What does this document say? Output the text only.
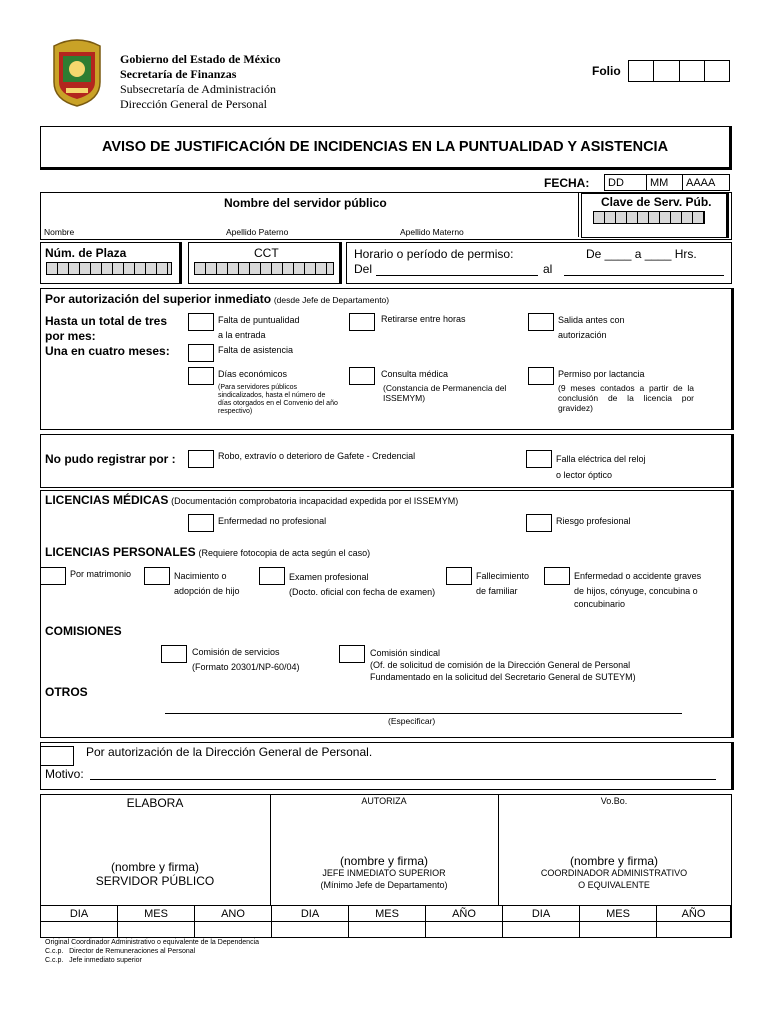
Gobierno del Estado de México
Secretaría de Finanzas
Subsecretaría de Administración
Dirección General de Personal
Folio
AVISO DE JUSTIFICACIÓN DE INCIDENCIAS EN LA PUNTUALIDAD Y ASISTENCIA
FECHA: DD	MM	AAAA
Nombre del servidor público
Nombre	Apellido Paterno	Apellido Materno
Clave de Serv. Púb.
Núm. de Plaza	CCT	Horario o período de permiso:	De ____ a ____ Hrs.
Del	al
Por autorización del superior inmediato (desde Jefe de Departamento)
Hasta un total de tres
por mes:
Una en cuatro meses:
Falta de puntualidad
a la entrada
Falta de asistencia
Días económicos
(Para servidores públicos sindicalizados, hasta el número de días otorgados en el Convenio del año respectivo)
Retirarse entre horas
Consulta médica
(Constancia de Permanencia del ISSEMYM)
Salida antes con
autorización
Permiso por lactancia
(9 meses contados a partir de la conclusión de la licencia por gravidez)
No pudo registrar por :	Robo, extravío o deterioro de Gafete - Credencial	Falla eléctrica del reloj
o lector óptico
LICENCIAS MÉDICAS (Documentación comprobatoria incapacidad expedida por el ISSEMYM)
Enfermedad no profesional	Riesgo profesional
LICENCIAS PERSONALES (Requiere fotocopia de acta según el caso)
Por matrimonio	Nacimiento o
adopción de hijo
Examen profesional
(Docto. oficial con fecha de examen)
Fallecimiento
de familiar
Enfermedad o accidente graves
de hijos, cónyuge, concubina o
concubinario
COMISIONES
Comisión de servicios
(Formato 20301/NP-60/04)
Comisión sindical
(Of. de solicitud de comisión de la Dirección General de Personal
Fundamentado en la solicitud del Secretario General de SUTEYM)
OTROS
(Especificar)
Por autorización de la Dirección General de Personal.
Motivo:
ELABORA	AUTORIZA	Vo.Bo.
(nombre y firma)
SERVIDOR PÚBLICO
(nombre y firma)
JEFE INMEDIATO SUPERIOR
(Mínimo Jefe de Departamento)
(nombre y firma)
COORDINADOR ADMINISTRATIVO
O EQUIVALENTE
DIA	MES	ANO	DIA	MES	AÑO	DIA	MES	AÑO

Original Coordinador Administrativo o equivalente de la Dependencia
C.c.p.   Director de Remuneraciones al Personal
C.c.p.   Jefe inmediato superior
